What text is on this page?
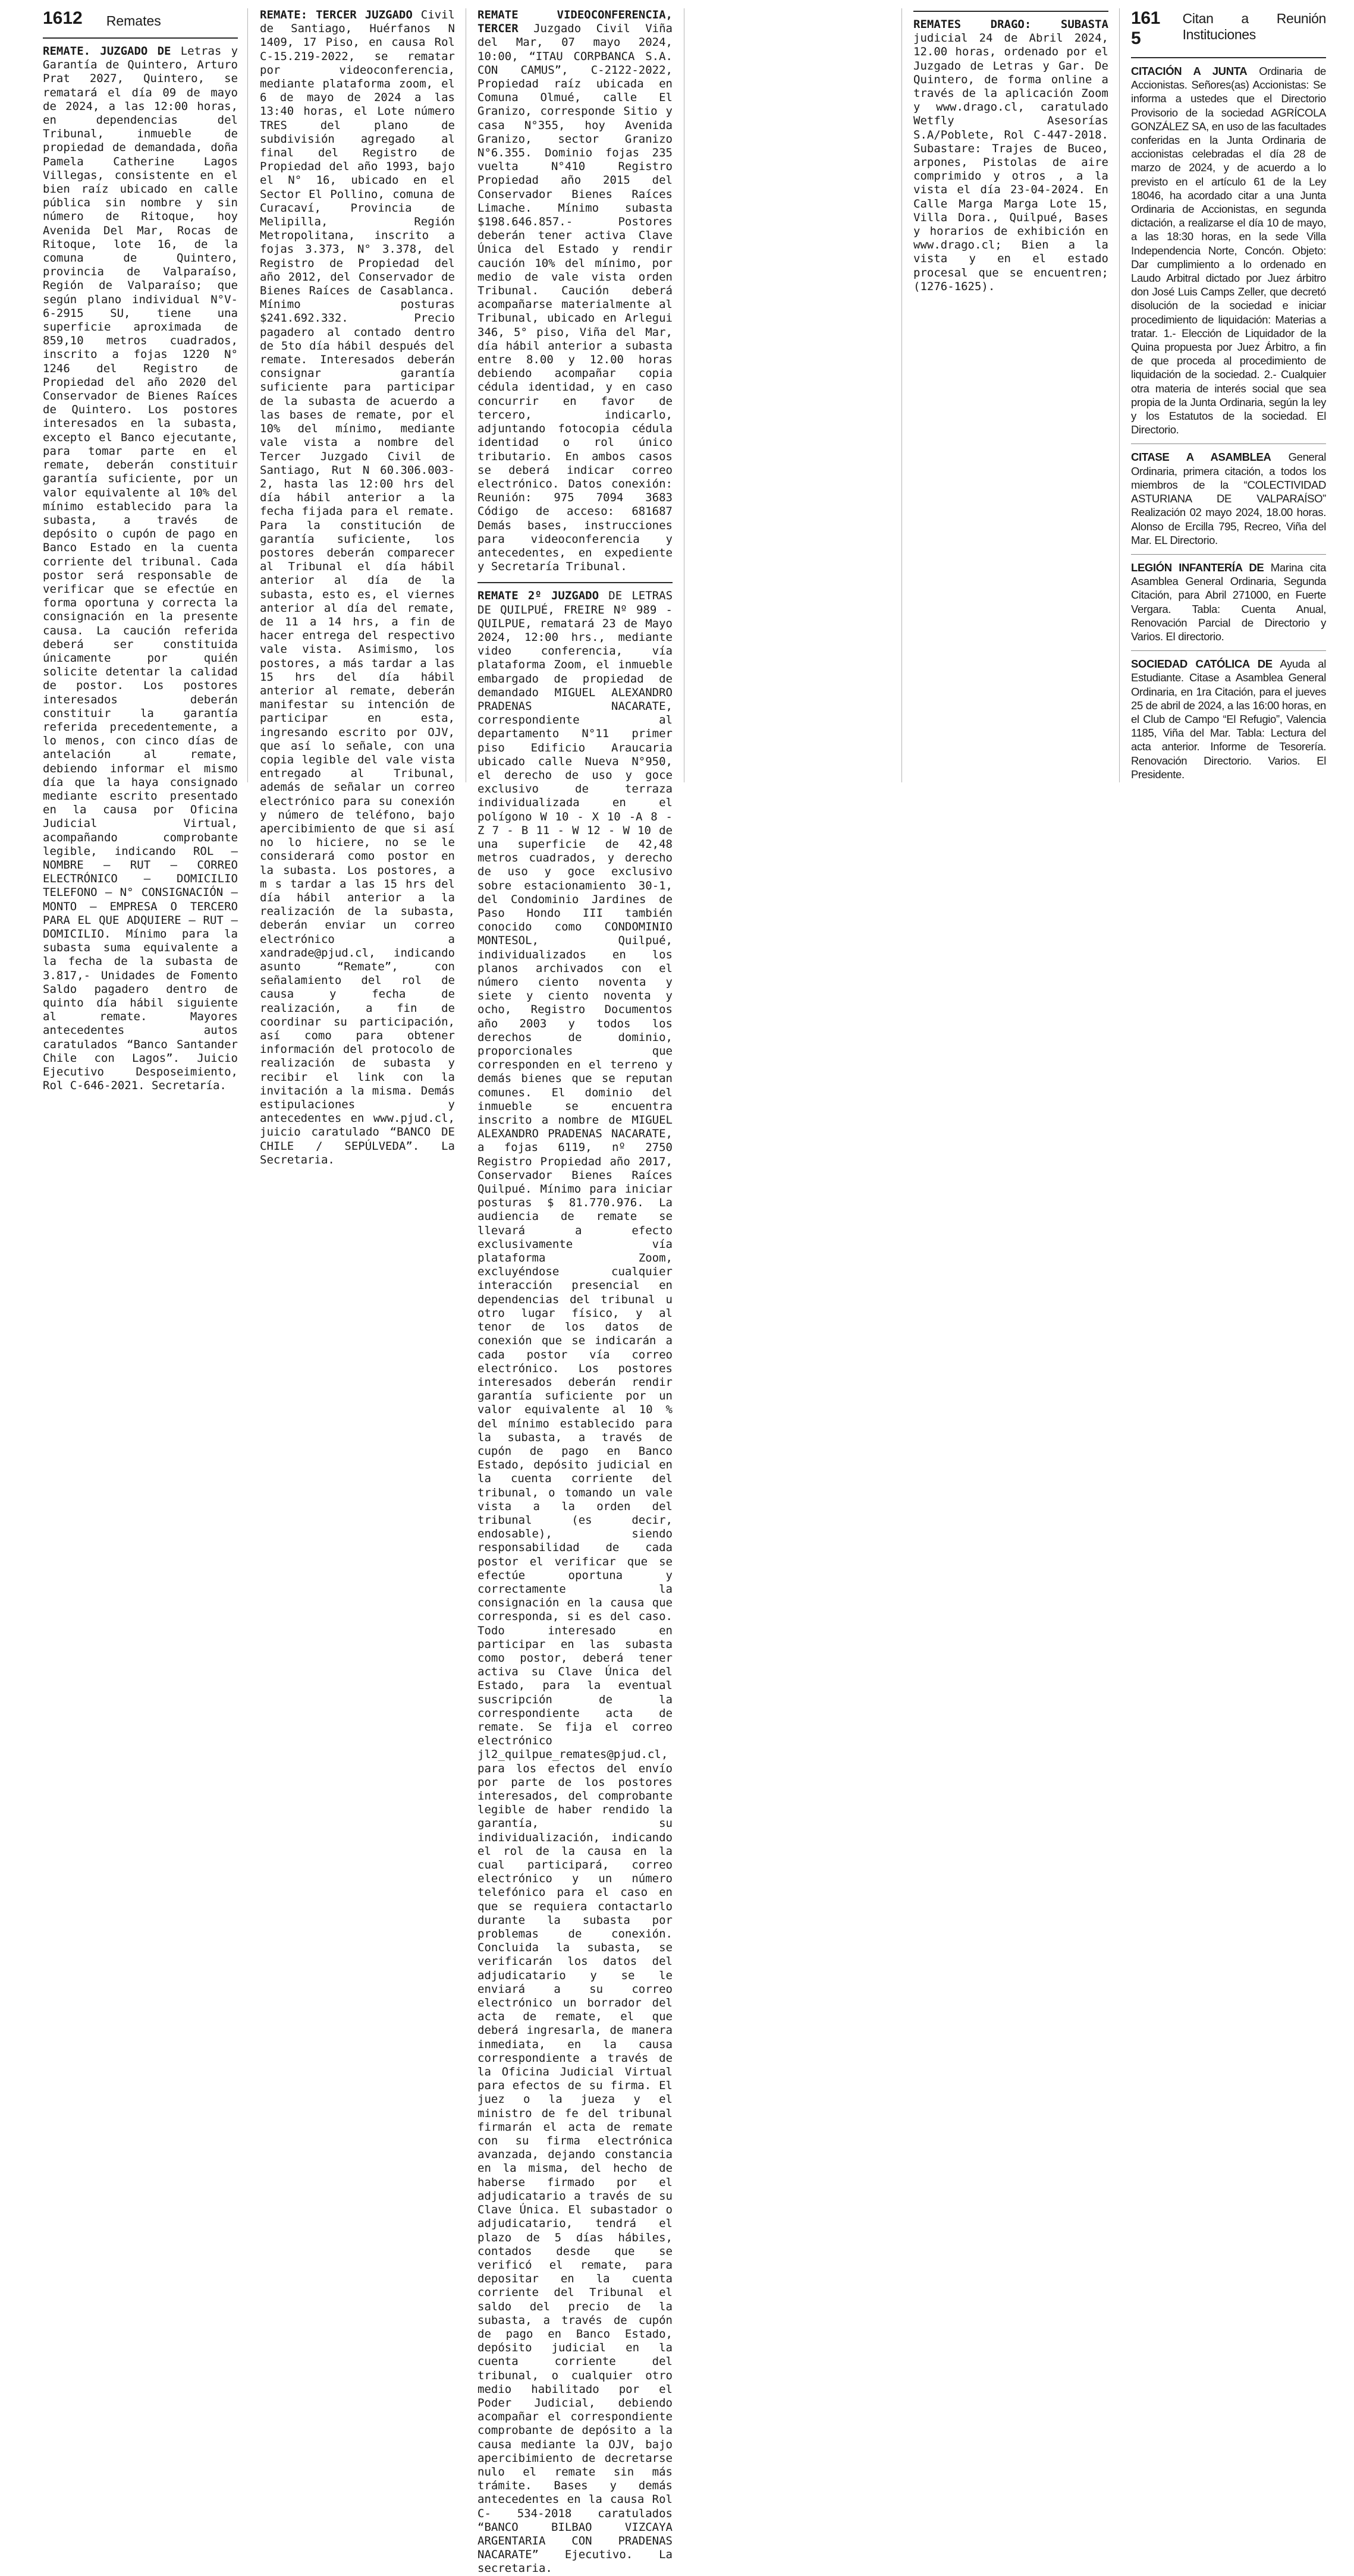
1612 Remates

REMATE. JUZGADO DE Letras y Garantía de Quintero, Arturo Prat 2027, Quintero, se rematará el día 09 de mayo de 2024, a las 12:00 horas, en dependencias del Tribunal, inmueble de propiedad de demandada, doña Pamela Catherine Lagos Villegas, consistente en el bien raíz ubicado en calle pública sin nombre y sin número de Ritoque, hoy Avenida Del Mar, Rocas de Ritoque, lote 16, de la comuna de Quintero, provincia de Valparaíso, Región de Valparaíso; que según plano individual N°V-6-2915 SU, tiene una superficie aproximada de 859,10 metros cuadrados, inscrito a fojas 1220 N° 1246 del Registro de Propiedad del año 2020 del Conservador de Bienes Raíces de Quintero. Los postores interesados en la subasta, excepto el Banco ejecutante, para tomar parte en el remate, deberán constituir garantía suficiente, por un valor equivalente al 10% del mínimo establecido para la subasta, a través de depósito o cupón de pago en Banco Estado en la cuenta corriente del tribunal. Cada postor será responsable de verificar que se efectúe en forma oportuna y correcta la consignación en la presente causa. La caución referida deberá ser constituida únicamente por quién solicite detentar la calidad de postor. Los postores interesados deberán constituir la garantía referida precedentemente, a lo menos, con cinco días de antelación al remate, debiendo informar el mismo día que la haya consignado mediante escrito presentado en la causa por Oficina Judicial Virtual, acompañando comprobante legible, indicando ROL – NOMBRE – RUT – CORREO ELECTRÓNICO – DOMICILIO TELEFONO – N° CONSIGNACIÓN – MONTO – EMPRESA O TERCERO PARA EL QUE ADQUIERE – RUT – DOMICILIO. Mínimo para la subasta suma equivalente a la fecha de la subasta de 3.817,- Unidades de Fomento Saldo pagadero dentro de quinto día hábil siguiente al remate. Mayores antecedentes autos caratulados “Banco Santander Chile con Lagos”. Juicio Ejecutivo Desposeimiento, Rol C-646-2021. Secretaría.

REMATE: TERCER JUZGADO Civil de Santiago, Huérfanos N 1409, 17 Piso, en causa Rol C-15.219-2022, se rematar por videoconferencia, mediante plataforma zoom, el 6 de mayo de 2024 a las 13:40 horas, el Lote número TRES del plano de subdivisión agregado al final del Registro de Propiedad del año 1993, bajo el N° 16, ubicado en el Sector El Pollino, comuna de Curacaví, Provincia de Melipilla, Región Metropolitana, inscrito a fojas 3.373, N° 3.378, del Registro de Propiedad del año 2012, del Conservador de Bienes Raíces de Casablanca. Mínimo posturas $241.692.332. Precio pagadero al contado dentro de 5to día hábil después del remate. Interesados deberán consignar garantía suficiente para participar de la subasta de acuerdo a las bases de remate, por el 10% del mínimo, mediante vale vista a nombre del Tercer Juzgado Civil de Santiago, Rut N 60.306.003-2, hasta las 12:00 hrs del día hábil anterior a la fecha fijada para el remate. Para la constitución de garantía suficiente, los postores deberán comparecer al Tribunal el día hábil anterior al día de la subasta, esto es, el viernes anterior al día del remate, de 11 a 14 hrs, a fin de hacer entrega del respectivo vale vista. Asimismo, los postores, a más tardar a las 15 hrs del día hábil anterior al remate, deberán manifestar su intención de participar en esta, ingresando escrito por OJV, que así lo señale, con una copia legible del vale vista entregado al Tribunal, además de señalar un correo electrónico para su conexión y número de teléfono, bajo apercibimiento de que si así no lo hiciere, no se le considerará como postor en la subasta. Los postores, a m s tardar a las 15 hrs del día hábil anterior a la realización de la subasta, deberán enviar un correo electrónico a xandrade@pjud.cl, indicando asunto “Remate”, con señalamiento del rol de causa y fecha de realización, a fin de coordinar su participación, así como para obtener información del protocolo de realización de subasta y recibir el link con la invitación a la misma. Demás estipulaciones y antecedentes en www.pjud.cl, juicio caratulado “BANCO DE CHILE / SEPÚLVEDA”. La Secretaria.

REMATE VIDEOCONFERENCIA, TERCER Juzgado Civil Viña del Mar, 07 mayo 2024, 10:00, “ITAU CORPBANCA S.A. CON CAMUS”, C-2122-2022, Propiedad raíz ubicada en Comuna Olmué, calle El Granizo, corresponde Sitio y casa N°355, hoy Avenida Granizo, sector Granizo N°6.355. Dominio fojas 235 vuelta N°410 Registro Propiedad año 2015 del Conservador Bienes Raíces Limache. Mínimo subasta $198.646.857.- Postores deberán tener activa Clave Única del Estado y rendir caución 10% del mínimo, por medio de vale vista orden Tribunal. Caución deberá acompañarse materialmente al Tribunal, ubicado en Arlegui 346, 5° piso, Viña del Mar, día hábil anterior a subasta entre 8.00 y 12.00 horas debiendo acompañar copia cédula identidad, y en caso concurrir en favor de tercero, indicarlo, adjuntando fotocopia cédula identidad o rol único tributario. En ambos casos se deberá indicar correo electrónico. Datos conexión: Reunión: 975 7094 3683 Código de acceso: 681687 Demás bases, instrucciones para videoconferencia y antecedentes, en expediente y Secretaría Tribunal.

REMATE 2º JUZGADO DE LETRAS DE QUILPUÉ, FREIRE Nº 989 -QUILPUE, rematará 23 de Mayo 2024, 12:00 hrs., mediante video conferencia, vía plataforma Zoom, el inmueble embargado de propiedad de demandado MIGUEL ALEXANDRO PRADENAS NACARATE, correspondiente al departamento N°11 primer piso Edificio Araucaria ubicado calle Nueva N°950, el derecho de uso y goce exclusivo de terraza individualizada en el polígono W 10 - X 10 -A 8 - Z 7 - B 11 - W 12 - W 10 de una superficie de 42,48 metros cuadrados, y derecho de uso y goce exclusivo sobre estacionamiento 30-1, del Condominio Jardines de Paso Hondo III también conocido como CONDOMINIO MONTESOL, Quilpué, individualizados en los planos archivados con el número ciento noventa y siete y ciento noventa y ocho, Registro Documentos año 2003 y todos los derechos de dominio, proporcionales que corresponden en el terreno y demás bienes que se reputan comunes. El dominio del inmueble se encuentra inscrito a nombre de MIGUEL ALEXANDRO PRADENAS NACARATE, a fojas 6119, nº 2750 Registro Propiedad año 2017, Conservador Bienes Raíces Quilpué. Mínimo para iniciar posturas $ 81.770.976. La audiencia de remate se llevará a efecto exclusivamente vía plataforma Zoom, excluyéndose cualquier interacción presencial en dependencias del tribunal u otro lugar físico, y al tenor de los datos de conexión que se indicarán a cada postor vía correo electrónico. Los postores interesados deberán rendir garantía suficiente por un valor equivalente al 10 % del mínimo establecido para la subasta, a través de cupón de pago en Banco Estado, depósito judicial en la cuenta corriente del tribunal, o tomando un vale vista a la orden del tribunal (es decir, endosable), siendo responsabilidad de cada postor el verificar que se efectúe oportuna y correctamente la consignación en la causa que corresponda, si es del caso. Todo interesado en participar en las subasta como postor, deberá tener activa su Clave Única del Estado, para la eventual suscripción de la correspondiente acta de remate. Se fija el correo electrónico jl2_quilpue_remates@pjud.cl, para los efectos del envío por parte de los postores interesados, del comprobante legible de haber rendido la garantía, su individualización, indicando el rol de la causa en la cual participará, correo electrónico y un número telefónico para el caso en que se requiera contactarlo durante la subasta por problemas de conexión. Concluida la subasta, se verificarán los datos del adjudicatario y se le enviará a su correo electrónico un borrador del acta de remate, el que deberá ingresarla, de manera inmediata, en la causa correspondiente a través de la Oficina Judicial Virtual para efectos de su firma. El juez o la jueza y el ministro de fe del tribunal firmarán el acta de remate con su firma electrónica avanzada, dejando constancia en la misma, del hecho de haberse firmado por el adjudicatario a través de su Clave Única. El subastador o adjudicatario, tendrá el plazo de 5 días hábiles, contados desde que se verificó el remate, para depositar en la cuenta corriente del Tribunal el saldo del precio de la subasta, a través de cupón de pago en Banco Estado, depósito judicial en la cuenta corriente del tribunal, o cualquier otro medio habilitado por el Poder Judicial, debiendo acompañar el correspondiente comprobante de depósito a la causa mediante la OJV, bajo apercibimiento de decretarse nulo el remate sin más trámite. Bases y demás antecedentes en la causa Rol C- 534-2018 caratulados “BANCO BILBAO VIZCAYA ARGENTARIA CON PRADENAS NACARATE” Ejecutivo. La secretaria.

REMATES DRAGO: SUBASTA judicial 24 de Abril 2024, 12.00 horas, ordenado por el Juzgado de Letras y Gar. De Quintero, de forma online a través de la aplicación Zoom y www.drago.cl, caratulado Wetfly Asesorías S.A/Poblete, Rol C-447-2018. Subastare: Trajes de Buceo, arpones, Pistolas de aire comprimido y otros , a la vista el día 23-04-2024. En Calle Marga Marga Lote 15, Villa Dora., Quilpué, Bases y horarios de exhibición en www.drago.cl; Bien a la vista y en el estado procesal que se encuentren; (1276-1625).

1615
Citan a Reunión Instituciones

CITACIÓN A JUNTA Ordinaria de Accionistas. Señores(as) Accionistas: Se informa a ustedes que el Directorio Provisorio de la sociedad AGRÍCOLA GONZÁLEZ SA, en uso de las facultades conferidas en la Junta Ordinaria de accionistas celebradas el día 28 de marzo de 2024, y de acuerdo a lo previsto en el artículo 61 de la Ley 18046, ha acordado citar a una Junta Ordinaria de Accionistas, en segunda dictación, a realizarse el día 10 de mayo, a las 18:30 horas, en la sede Villa Independencia Norte, Concón. Objeto: Dar cumplimiento a lo ordenado en Laudo Arbitral dictado por Juez árbitro don José Luis Camps Zeller, que decretó disolución de la sociedad e iniciar procedimiento de liquidación: Materias a tratar. 1.- Elección de Liquidador de la Quina propuesta por Juez Árbitro, a fin de que proceda al procedimiento de liquidación de la sociedad. 2.- Cualquier otra materia de interés social que sea propia de la Junta Ordinaria, según la ley y los Estatutos de la sociedad. El Directorio.

CITASE A ASAMBLEA General Ordinaria, primera citación, a todos los miembros de la “COLECTIVIDAD ASTURIANA DE VALPARAÍSO” Realización 02 mayo 2024, 18.00 horas. Alonso de Ercilla 795, Recreo, Viña del Mar. EL Directorio.

LEGIÓN INFANTERÍA DE Marina cita Asamblea General Ordinaria, Segunda Citación, para Abril 271000, en Fuerte Vergara. Tabla: Cuenta Anual, Renovación Parcial de Directorio y Varios. El directorio.

SOCIEDAD CATÓLICA DE Ayuda al Estudiante. Citase a Asamblea General Ordinaria, en 1ra Citación, para el jueves 25 de abril de 2024, a las 16:00 horas, en el Club de Campo “El Refugio”, Valencia 1185, Viña del Mar. Tabla: Lectura del acta anterior. Informe de Tesorería. Renovación Directorio. Varios. El Presidente.
